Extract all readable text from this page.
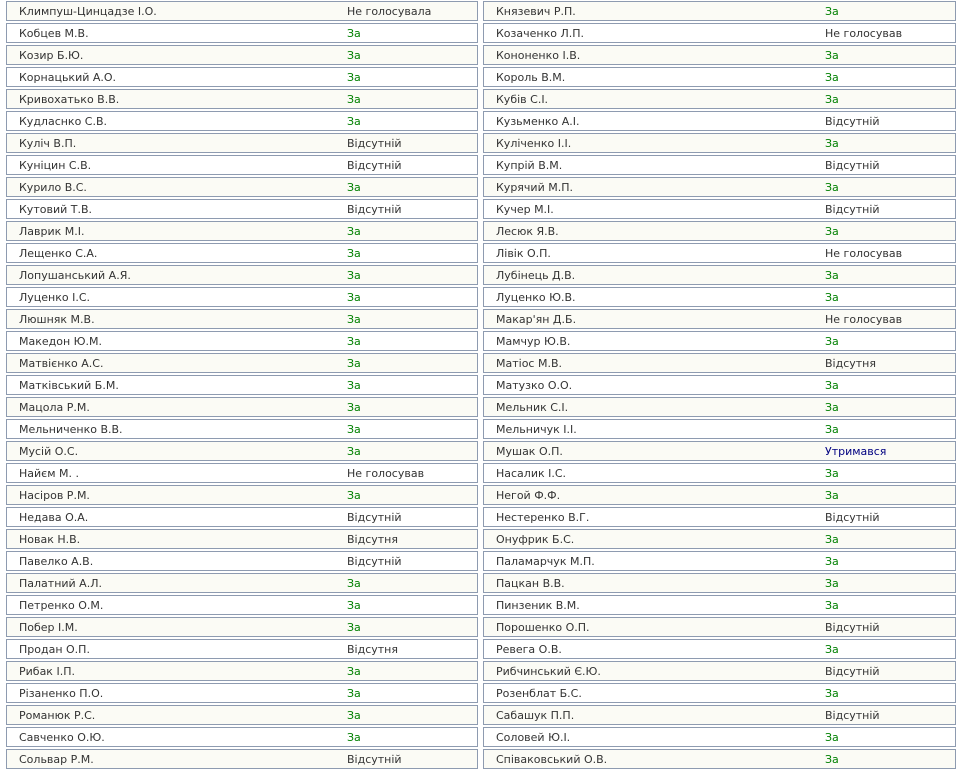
Климпуш-Цинцадзе І.О.	Не голосувала
Кобцев М.В.	За
Козир Б.Ю.	За
Корнацький А.О.	За
Кривохатько В.В.	За
Кудласнко С.В.	За
Куліч В.П.	Відсутній
Куніцин С.В.	Відсутній
Курило В.С.	За
Кутовий Т.В.	Відсутній
Лаврик М.І.	За
Лещенко С.А.	За
Лопушанський А.Я.	За
Луценко І.С.	За
Люшняк М.В.	За
Македон Ю.М.	За
Матвієнко А.С.	За
Матківський Б.М.	За
Мацола Р.М.	За
Мельниченко В.В.	За
Мусій О.С.	За
Найєм М. .	Не голосував
Насіров Р.М.	За
Недава О.А.	Відсутній
Новак Н.В.	Відсутня
Павелко А.В.	Відсутній
Палатний А.Л.	За
Петренко О.М.	За
Побер І.М.	За
Продан О.П.	Відсутня
Рибак І.П.	За
Різаненко П.О.	За
Романюк Р.С.	За
Савченко О.Ю.	За
Сольвар Р.М.	Відсутній
Князевич Р.П.	За
Козаченко Л.П.	Не голосував
Кононенко І.В.	За
Король В.М.	За
Кубів С.І.	За
Кузьменко А.І.	Відсутній
Куліченко І.І.	За
Купрій В.М.	Відсутній
Курячий М.П.	За
Кучер М.І.	Відсутній
Лесюк Я.В.	За
Лівік О.П.	Не голосував
Лубінець Д.В.	За
Луценко Ю.В.	За
Макар'ян Д.Б.	Не голосував
Мамчур Ю.В.	За
Матіос М.В.	Відсутня
Матузко О.О.	За
Мельник С.І.	За
Мельничук І.І.	За
Мушак О.П.	Утримався
Насалик І.С.	За
Негой Ф.Ф.	За
Нестеренко В.Г.	Відсутній
Онуфрик Б.С.	За
Паламарчук М.П.	За
Пацкан В.В.	За
Пинзеник В.М.	За
Порошенко О.П.	Відсутній
Ревега О.В.	За
Рибчинський Є.Ю.	Відсутній
Розенблат Б.С.	За
Сабашук П.П.	Відсутній
Соловей Ю.І.	За
Співаковський О.В.	За
